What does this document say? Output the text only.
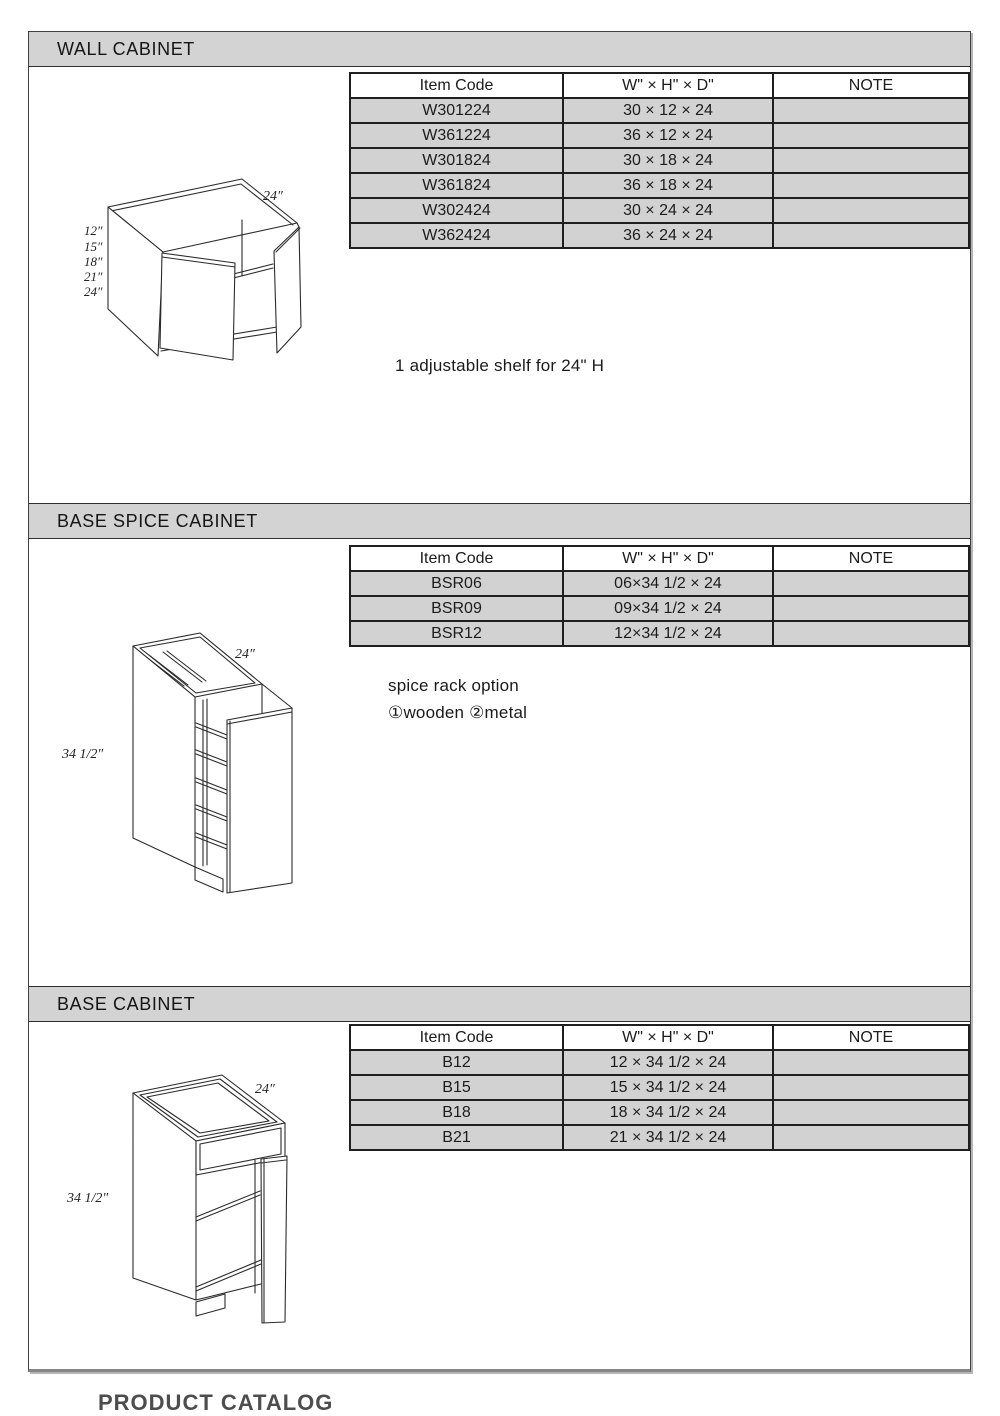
WALL CABINET
Item Code	W" × H" × D"	NOTE
W301224	30 × 12 × 24	
W361224	36 × 12 × 24	
W301824	30 × 18 × 24	
W361824	36 × 18 × 24	
W302424	30 × 24 × 24	
W362424	36 × 24 × 24	
24″
12″
15″
18″
21″
24″
1 adjustable shelf for 24" H
BASE SPICE CABINET
Item Code	W" × H" × D"	NOTE
BSR06	06×34 1/2 × 24	
BSR09	09×34 1/2 × 24	
BSR12	12×34 1/2 × 24	
24″
34 1/2″
spice rack option
①wooden ②metal
BASE CABINET
Item Code	W" × H" × D"	NOTE
B12	12 × 34 1/2 × 24	
B15	15 × 34 1/2 × 24	
B18	18 × 34 1/2 × 24	
B21	21 × 34 1/2 × 24	
24″
34 1/2″
PRODUCT CATALOG
